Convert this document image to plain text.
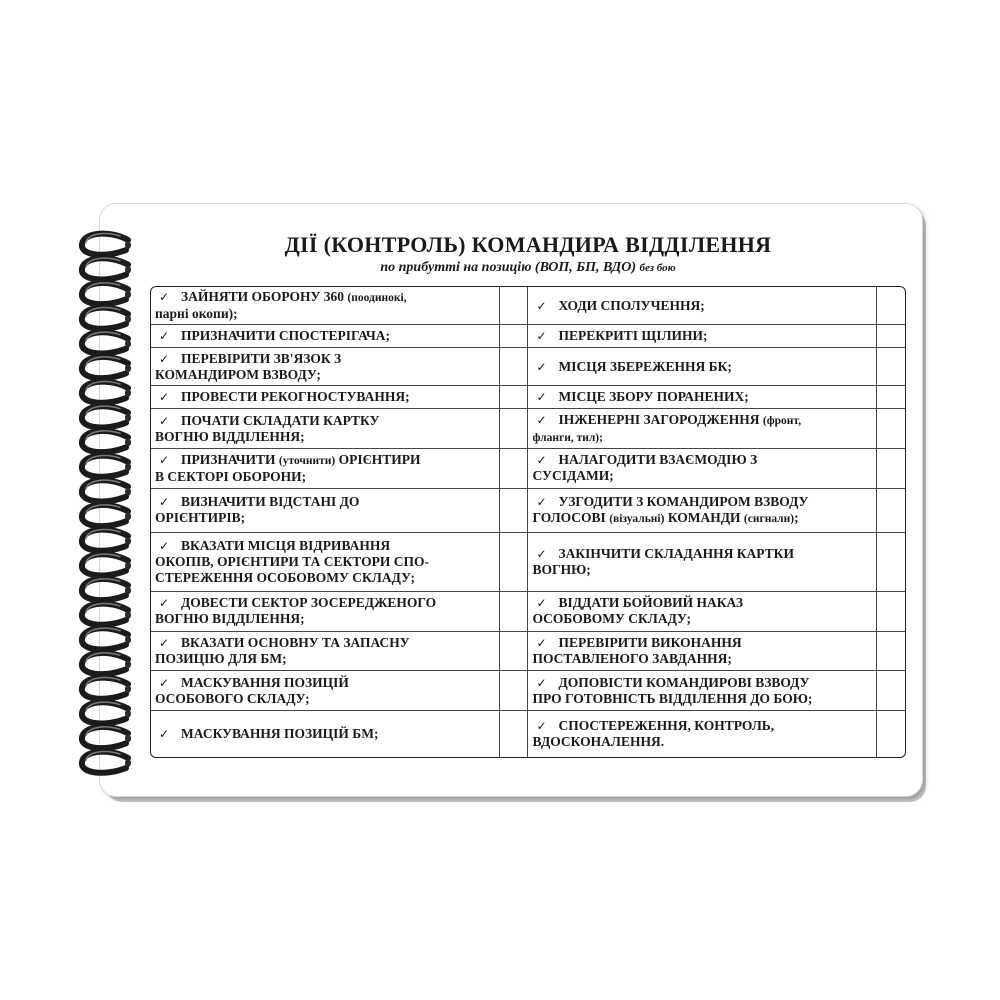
ДІЇ (КОНТРОЛЬ) КОМАНДИРА ВІДДІЛЕННЯ
по прибутті на позицію (ВОП, БП, ВДО) без бою
✓ ЗАЙНЯТИ ОБОРОНУ 360 (поодинокі,
парні окопи);		✓ ХОДИ СПОЛУЧЕННЯ;	
✓ ПРИЗНАЧИТИ СПОСТЕРІГАЧА;		✓ ПЕРЕКРИТІ ЩІЛИНИ;	
✓ ПЕРЕВІРИТИ ЗВ'ЯЗОК З
КОМАНДИРОМ ВЗВОДУ;		✓ МІСЦЯ ЗБЕРЕЖЕННЯ БК;	
✓ ПРОВЕСТИ РЕКОГНОСТУВАННЯ;		✓ МІСЦЕ ЗБОРУ ПОРАНЕНИХ;	
✓ ПОЧАТИ СКЛАДАТИ КАРТКУ
ВОГНЮ ВІДДІЛЕННЯ;		✓ ІНЖЕНЕРНІ ЗАГОРОДЖЕННЯ (фронт,
фланги, тил);	
✓ ПРИЗНАЧИТИ (уточнити) ОРІЄНТИРИ
В СЕКТОРІ ОБОРОНИ;		✓ НАЛАГОДИТИ ВЗАЄМОДІЮ З
СУСІДАМИ;	
✓ ВИЗНАЧИТИ ВІДСТАНІ ДО
ОРІЄНТИРІВ;		✓ УЗГОДИТИ З КОМАНДИРОМ ВЗВОДУ
ГОЛОСОВІ (візуальні) КОМАНДИ (сигнали);	
✓ ВКАЗАТИ МІСЦЯ ВІДРИВАННЯ
ОКОПІВ, ОРІЄНТИРИ ТА СЕКТОРИ СПО-
СТЕРЕЖЕННЯ ОСОБОВОМУ СКЛАДУ;		✓ ЗАКІНЧИТИ СКЛАДАННЯ КАРТКИ
ВОГНЮ;	
✓ ДОВЕСТИ СЕКТОР ЗОСЕРЕДЖЕНОГО
ВОГНЮ ВІДДІЛЕННЯ;		✓ ВІДДАТИ БОЙОВИЙ НАКАЗ
ОСОБОВОМУ СКЛАДУ;	
✓ ВКАЗАТИ ОСНОВНУ ТА ЗАПАСНУ
ПОЗИЦІЮ ДЛЯ БМ;		✓ ПЕРЕВІРИТИ ВИКОНАННЯ
ПОСТАВЛЕНОГО ЗАВДАННЯ;	
✓ МАСКУВАННЯ ПОЗИЦІЙ
ОСОБОВОГО СКЛАДУ;		✓ ДОПОВІСТИ КОМАНДИРОВІ ВЗВОДУ
ПРО ГОТОВНІСТЬ ВІДДІЛЕННЯ ДО БОЮ;	
✓ МАСКУВАННЯ ПОЗИЦІЙ БМ;		✓ СПОСТЕРЕЖЕННЯ, КОНТРОЛЬ,
ВДОСКОНАЛЕННЯ.	
